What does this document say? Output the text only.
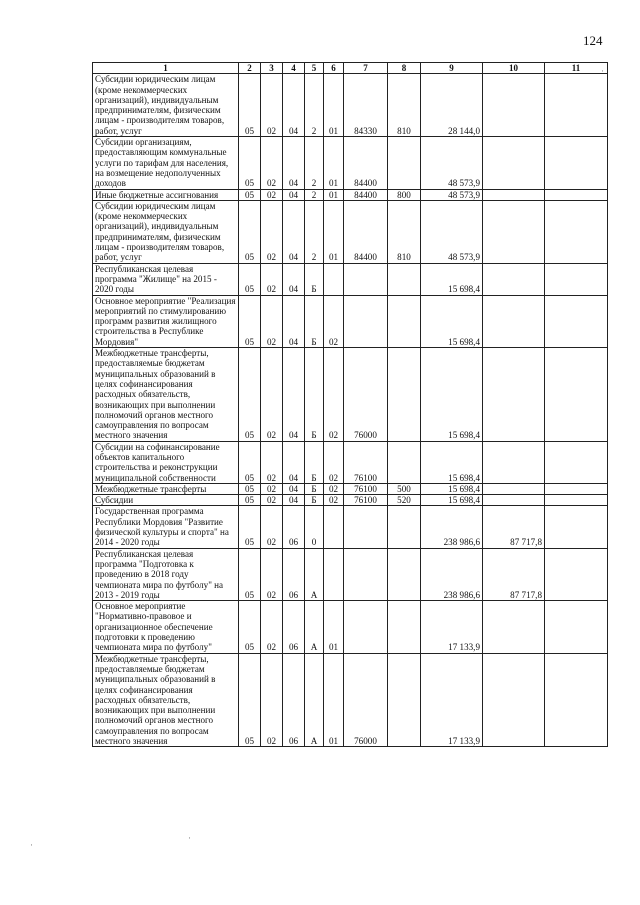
124
1	2	3	4	5	6	7	8	9	10	11
Субсидии юридическим лицам (кроме некоммерческих организаций), индивидуальным предпринимателям, физическим лицам - производителям товаров, работ, услуг	05	02	04	2	01	84330	810	28 144,0		
Субсидии организациям, предоставляющим коммунальные услуги по тарифам для населения, на возмещение недополученных доходов	05	02	04	2	01	84400		48 573,9		
Иные бюджетные ассигнования	05	02	04	2	01	84400	800	48 573,9		
Субсидии юридическим лицам (кроме некоммерческих организаций), индивидуальным предпринимателям, физическим лицам - производителям товаров, работ, услуг	05	02	04	2	01	84400	810	48 573,9		
Республиканская целевая программа "Жилище" на 2015 - 2020 годы	05	02	04	Б				15 698,4		
Основное мероприятие "Реализация мероприятий по стимулированию программ развития жилищного строительства в Республике Мордовия"	05	02	04	Б	02			15 698,4		
Межбюджетные трансферты, предоставляемые бюджетам муниципальных образований в целях софинансирования расходных обязательств, возникающих при выполнении полномочий органов местного самоуправления по вопросам местного значения	05	02	04	Б	02	76000		15 698,4		
Субсидии на софинансирование объектов капитального строительства и реконструкции муниципальной собственности	05	02	04	Б	02	76100		15 698,4		
Межбюджетные трансферты	05	02	04	Б	02	76100	500	15 698,4		
Субсидии	05	02	04	Б	02	76100	520	15 698,4		
Государственная программа Республики Мордовия "Развитие физической культуры и спорта" на 2014 - 2020 годы	05	02	06	0				238 986,6	87 717,8	
Республиканская целевая программа "Подготовка к проведению в 2018 году чемпионата мира по футболу" на 2013 - 2019 годы	05	02	06	А				238 986,6	87 717,8	
Основное мероприятие "Нормативно-правовое и организационное обеспечение подготовки к проведению чемпионата мира по футболу"	05	02	06	А	01			17 133,9		
Межбюджетные трансферты, предоставляемые бюджетам муниципальных образований в целях софинансирования расходных обязательств, возникающих при выполнении полномочий органов местного самоуправления по вопросам местного значения	05	02	06	А	01	76000		17 133,9		
·
·
·
